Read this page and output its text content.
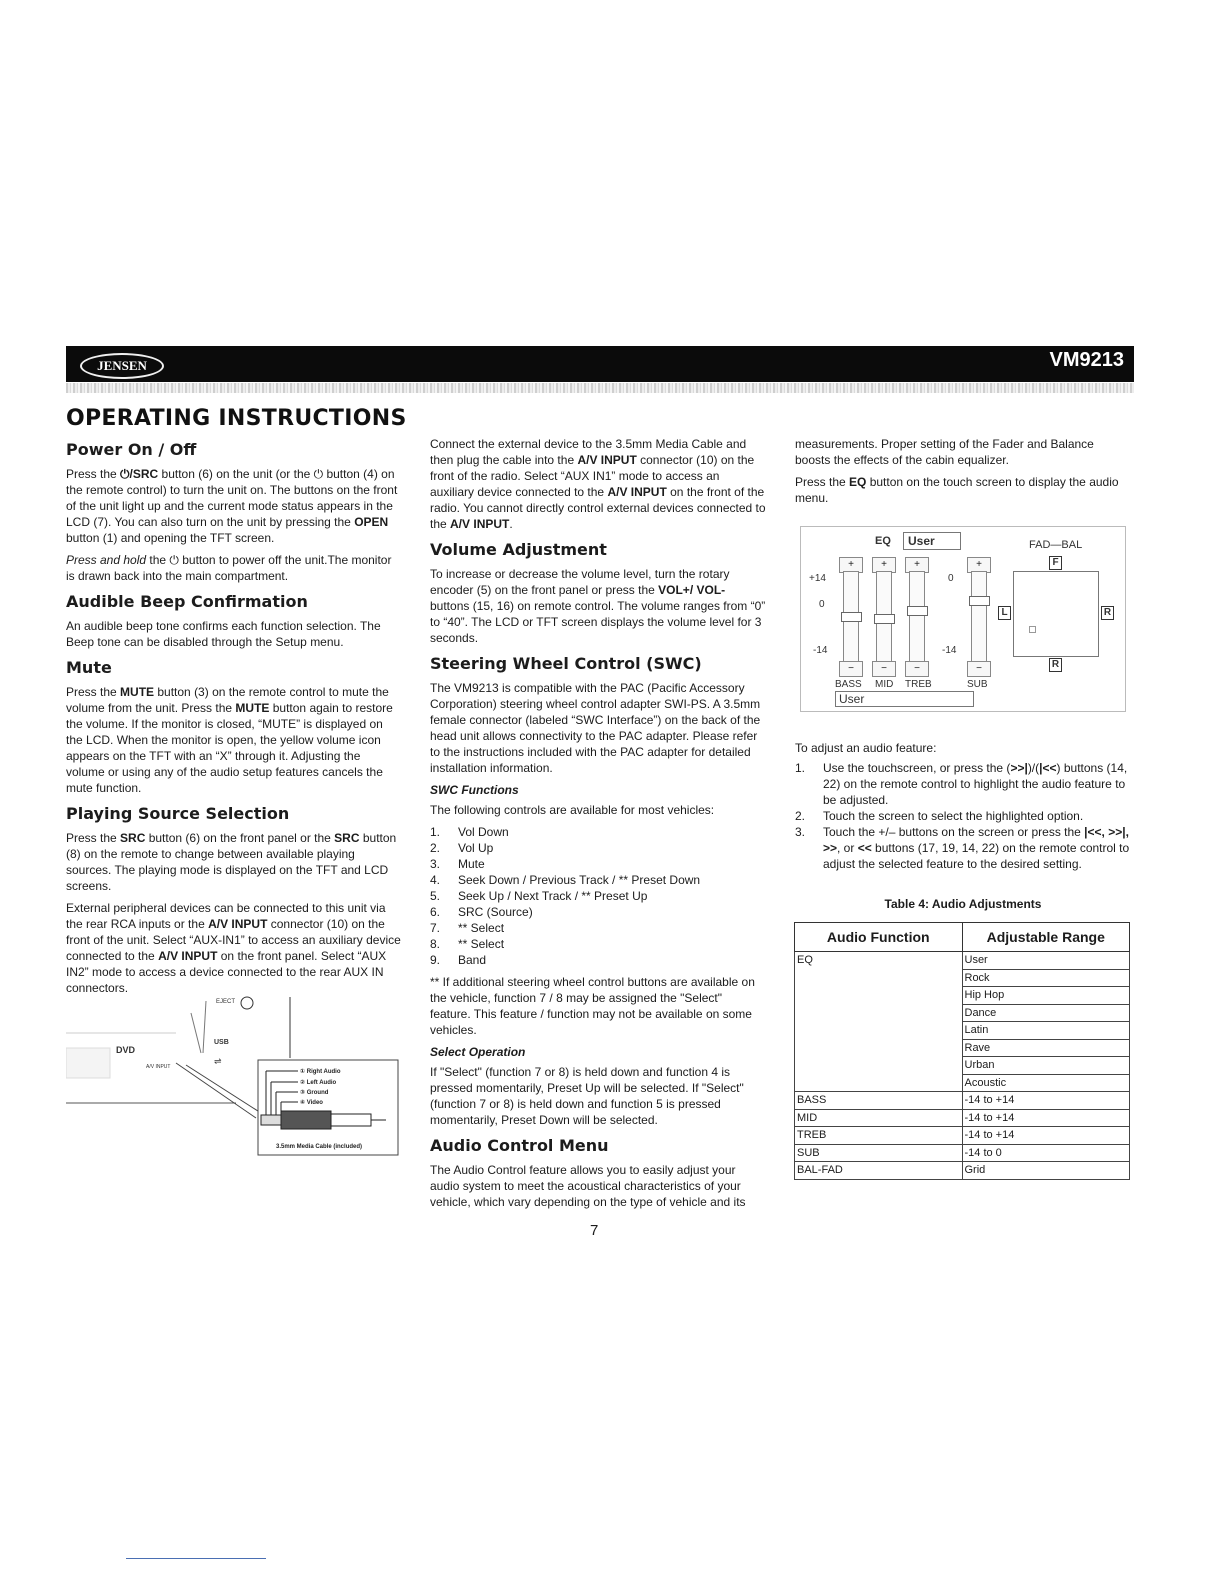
JENSEN	VM9213
OPERATING INSTRUCTIONS
Power On / Off

Press the ⏻/SRC button (6) on the unit (or the ⏻ button (4) on the remote control) to turn the unit on. The buttons on the front of the unit light up and the current mode status appears in the LCD (7). You can also turn on the unit by pressing the OPEN button (1) and opening the TFT screen.

Press and hold the ⏻ button to power off the unit.The monitor is drawn back into the main compartment.

Audible Beep Confirmation

An audible beep tone confirms each function selection. The Beep tone can be disabled through the Setup menu.

Mute

Press the MUTE button (3) on the remote control to mute the volume from the unit. Press the MUTE button again to restore the volume. If the monitor is closed, “MUTE” is displayed on the LCD. When the monitor is open, the yellow volume icon appears on the TFT with an “X” through it. Adjusting the volume or using any of the audio setup features cancels the mute function.

Playing Source Selection

Press the SRC button (6) on the front panel or the SRC button (8) on the remote to change between available playing sources. The playing mode is displayed on the TFT and LCD screens.

External peripheral devices can be connected to this unit via the rear RCA inputs or the A/V INPUT connector (10) on the front of the unit. Select “AUX-IN1” to access an auxiliary device connected to the A/V INPUT on the front panel. Select “AUX IN2” mode to access a device connected to the rear AUX IN connectors.

EJECT
USB
⇌
DVD
A/V INPUT
① Right Audio
② Left Audio
③ Ground
④ Video
3.5mm Media Cable (included)

Connect the external device to the 3.5mm Media Cable and then plug the cable into the A/V INPUT connector (10) on the front of the radio. Select “AUX IN1” mode to access an auxiliary device connected to the A/V INPUT on the front of the radio. You cannot directly control external devices connected to the A/V INPUT.

Volume Adjustment

To increase or decrease the volume level, turn the rotary encoder (5) on the front panel or press the VOL+/ VOL- buttons (15, 16) on remote control. The volume ranges from “0” to “40”. The LCD or TFT screen displays the volume level for 3 seconds.

Steering Wheel Control (SWC)

The VM9213 is compatible with the PAC (Pacific Accessory Corporation) steering wheel control adapter SWI-PS. A 3.5mm female connector (labeled “SWC Interface”) on the back of the head unit allows connectivity to the PAC adapter. Please refer to the instructions included with the PAC adapter for detailed installation information.

SWC Functions

The following controls are available for most vehicles:

1. Vol Down
2. Vol Up
3. Mute
4. Seek Down / Previous Track / ** Preset Down
5. Seek Up / Next Track / ** Preset Up
6. SRC (Source)
7. ** Select
8. ** Select
9. Band

** If additional steering wheel control buttons are available on the vehicle, function 7 / 8 may be assigned the "Select" feature. This feature / function may not be available on some vehicles.

Select Operation

If "Select" (function 7 or 8) is held down and function 4 is pressed momentarily, Preset Up will be selected. If "Select" (function 7 or 8) is held down and function 5 is pressed momentarily, Preset Down will be selected.

Audio Control Menu

The Audio Control feature allows you to easily adjust your audio system to meet the acoustical characteristics of your vehicle, which vary depending on the type of vehicle and its

measurements. Proper setting of the Fader and Balance boosts the effects of the cabin equalizer.

Press the EQ button on the touch screen to display the audio menu.

EQ	User	FAD—BAL
+14
0
-14
0
-14
+	+	+	+
−	−	−	−
BASS MID TREB	SUB
User
F
L	R
R

To adjust an audio feature:

1. Use the touchscreen, or press the (>>|)/(|<<) buttons (14, 22) on the remote control to highlight the audio feature to be adjusted.
2. Touch the screen to select the highlighted option.
3. Touch the +/– buttons on the screen or press the |<<, >>|, >>, or << buttons (17, 19, 14, 22) on the remote control to adjust the selected feature to the desired setting.
Table 4: Audio Adjustments
Audio Function	Adjustable Range
EQ	User
	Rock
	Hip Hop
	Dance
	Latin
	Rave
	Urban
	Acoustic
BASS	-14 to +14
MID	-14 to +14
TREB	-14 to +14
SUB	-14 to 0
BAL-FAD	Grid
7
